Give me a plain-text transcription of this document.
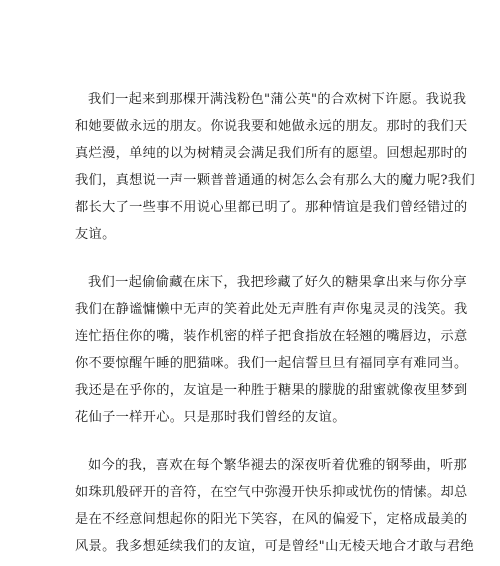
我们一起来到那棵开满浅粉色"蒲公英"的合欢树下许愿。我说我
和她要做永远的朋友。你说我要和她做永远的朋友。那时的我们天
真烂漫，单纯的以为树精灵会满足我们所有的愿望。回想起那时的
我们，真想说一声一颗普普通通的树怎么会有那么大的魔力呢?我们
都长大了一些事不用说心里都已明了。那种情谊是我们曾经错过的
友谊。
我们一起偷偷藏在床下，我把珍藏了好久的糖果拿出来与你分享
我们在静谧慵懒中无声的笑着此处无声胜有声你鬼灵灵的浅笑。我
连忙捂住你的嘴，装作机密的样子把食指放在轻翘的嘴唇边，示意
你不要惊醒午睡的肥猫咪。我们一起信誓旦旦有福同享有难同当。
我还是在乎你的，友谊是一种胜于糖果的朦胧的甜蜜就像夜里梦到
花仙子一样开心。只是那时我们曾经的友谊。
如今的我，喜欢在每个繁华褪去的深夜听着优雅的钢琴曲，听那
如珠玑般砰开的音符，在空气中弥漫开快乐抑或忧伤的情愫。却总
是在不经意间想起你的阳光下笑容，在风的偏爱下，定格成最美的
风景。我多想延续我们的友谊，可是曾经"山无棱天地合才敢与君绝
